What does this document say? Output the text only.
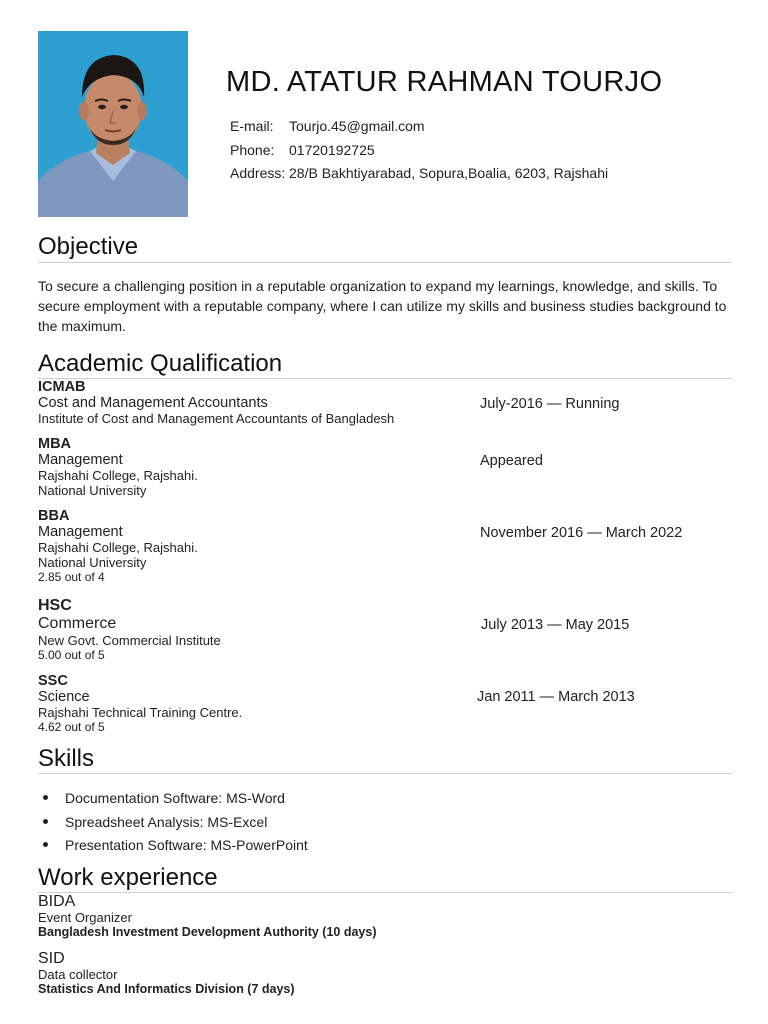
MD. ATATUR RAHMAN TOURJO
E-mail:	Tourjo.45@gmail.com
Phone:	01720192725
Address: 28/B Bakhtiyarabad, Sopura,Boalia, 6203, Rajshahi
Objective

To secure a challenging position in a reputable organization to expand my learnings, knowledge, and skills. To secure employment with a reputable company, where I can utilize my skills and business studies background to the maximum.

Academic Qualification
ICMAB
Cost and Management Accountants
Institute of Cost and Management Accountants of Bangladesh
July-2016 — Running
MBA
Management
Rajshahi College, Rajshahi.
National University
Appeared
BBA
Management
Rajshahi College, Rajshahi.
National University
2.85 out of 4
November 2016 — March 2022
HSC
Commerce
New Govt. Commercial Institute
5.00 out of 5
July 2013 — May 2015
SSC
Science
Rajshahi Technical Training Centre.
4.62 out of 5
Jan 2011 — March 2013
Skills
Documentation Software: MS-Word
Spreadsheet Analysis: MS-Excel
Presentation Software: MS-PowerPoint
Work experience
BIDA
Event Organizer
Bangladesh Investment Development Authority (10 days)
SID
Data collector
Statistics And Informatics Division (7 days)
